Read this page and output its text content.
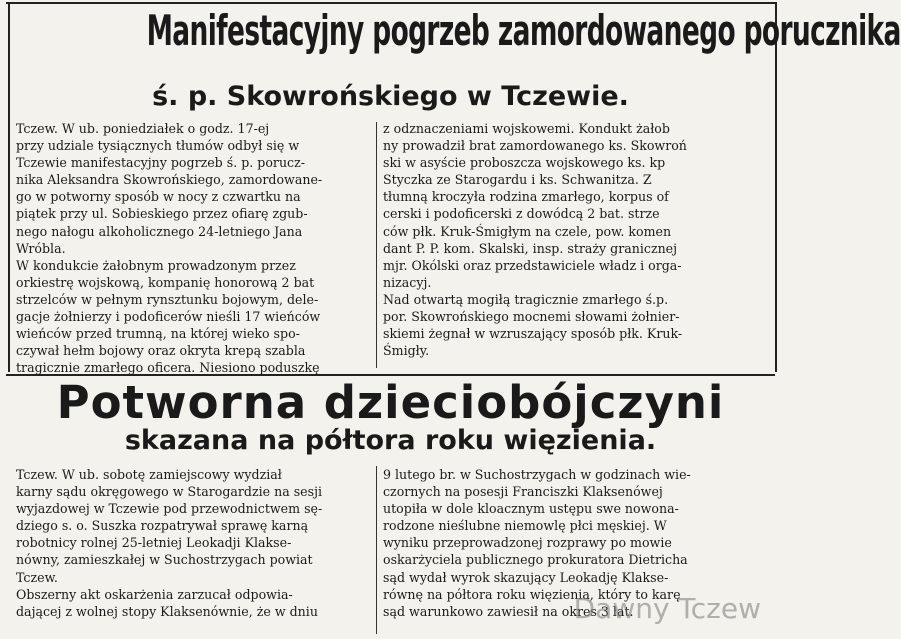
Manifestacyjny pogrzeb zamordowanego porucznika
ś. p. Skowrońskiego w Tczewie.
Tczew. W ub. poniedziałek o godz. 17-ej
przy udziale tysiącznych tłumów odbył się w
Tczewie manifestacyjny pogrzeb ś. p. porucz-
nika Aleksandra Skowrońskiego, zamordowane-
go w potworny sposób w nocy z czwartku na
piątek przy ul. Sobieskiego przez ofiarę zgub-
nego nałogu alkoholicznego 24-letniego Jana
Wróbla.
W kondukcie żałobnym prowadzonym przez
orkiestrę wojskową, kompanię honorową 2 bat
strzelców w pełnym rynsztunku bojowym, dele-
gacje żołnierzy i podoficerów nieśli 17 wieńców
wieńców przed trumną, na której wieko spo-
czywał hełm bojowy oraz okryta krepą szabla
tragicznie zmarłego oficera. Niesiono poduszkę
z odznaczeniami wojskowemi. Kondukt żałob
ny prowadził brat zamordowanego ks. Skowroń
ski w asyście proboszcza wojskowego ks. kp
Styczka ze Starogardu i ks. Schwanitza. Z
tłumną kroczyła rodzina zmarłego, korpus of
cerski i podoficerski z dowódcą 2 bat. strze
ców płk. Kruk-Śmigłym na czele, pow. komen
dant P. P. kom. Skalski, insp. straży granicznej
mjr. Okólski oraz przedstawiciele władz i orga-
nizacyj.
Nad otwartą mogiłą tragicznie zmarłego ś.p.
por. Skowrońskiego mocnemi słowami żołnier-
skiemi żegnał w wzruszający sposób płk. Kruk-
Śmigły.
Potworna dzieciobójczyni
skazana na półtora roku więzienia.
Tczew. W ub. sobotę zamiejscowy wydział
karny sądu okręgowego w Starogardzie na sesji
wyjazdowej w Tczewie pod przewodnictwem sę-
dziego s. o. Suszka rozpatrywał sprawę karną
robotnicy rolnej 25-letniej Leokadji Klakse-
nówny, zamieszkałej w Suchostrzygach powiat
Tczew.
Obszerny akt oskarżenia zarzucał odpowia-
dającej z wolnej stopy Klaksenównie, że w dniu
9 lutego br. w Suchostrzygach w godzinach wie-
czornych na posesji Franciszki Klaksenówej
utopiła w dole kloacznym ustępu swe nowona-
rodzone nieślubne niemowlę płci męskiej. W
wyniku przeprowadzonej rozprawy po mowie
oskarżyciela publicznego prokuratora Dietricha
sąd wydał wyrok skazujący Leokadję Klakse-
równę na półtora roku więzienia, który to karę
sąd warunkowo zawiesił na okres 3 lat.
Dawny Tczew
